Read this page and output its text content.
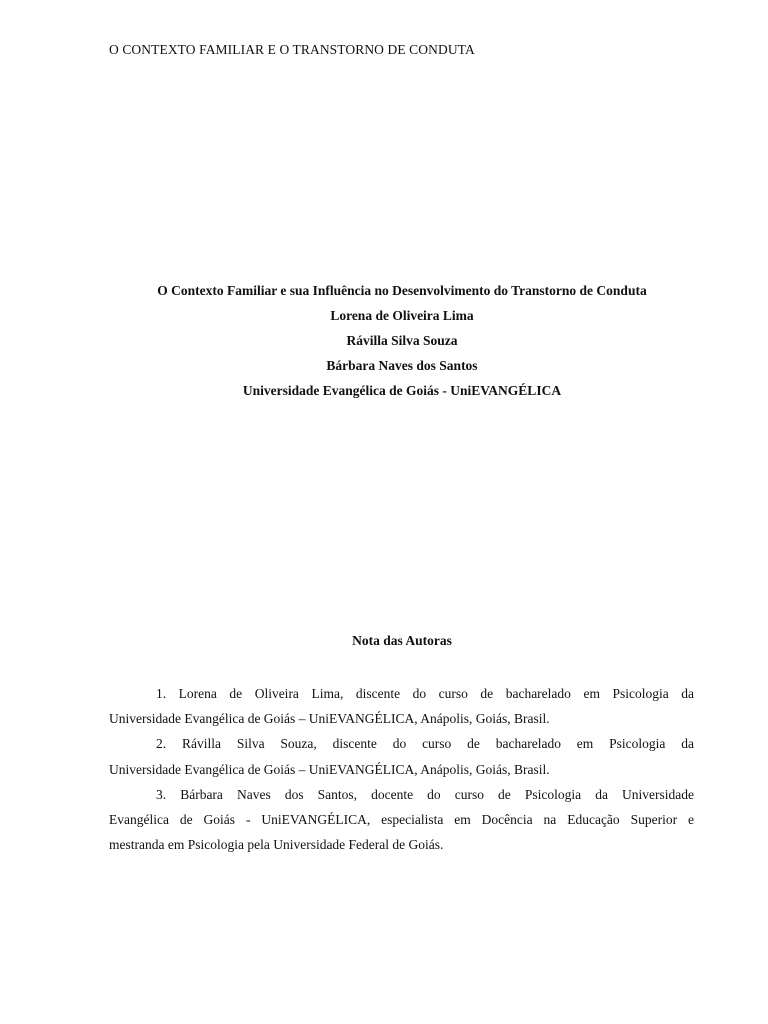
O CONTEXTO FAMILIAR E O TRANSTORNO DE CONDUTA
O Contexto Familiar e sua Influência no Desenvolvimento do Transtorno de Conduta
Lorena de Oliveira Lima
Rávilla Silva Souza
Bárbara Naves dos Santos
Universidade Evangélica de Goiás - UniEVANGÉLICA
Nota das Autoras
1. Lorena de Oliveira Lima, discente do curso de bacharelado em Psicologia da
Universidade Evangélica de Goiás – UniEVANGÉLICA, Anápolis, Goiás, Brasil.
2. Rávilla Silva Souza, discente do curso de bacharelado em Psicologia da
Universidade Evangélica de Goiás – UniEVANGÉLICA, Anápolis, Goiás, Brasil.
3. Bárbara Naves dos Santos, docente do curso de Psicologia da Universidade
Evangélica de Goiás - UniEVANGÉLICA, especialista em Docência na Educação Superior e
mestranda em Psicologia pela Universidade Federal de Goiás.
